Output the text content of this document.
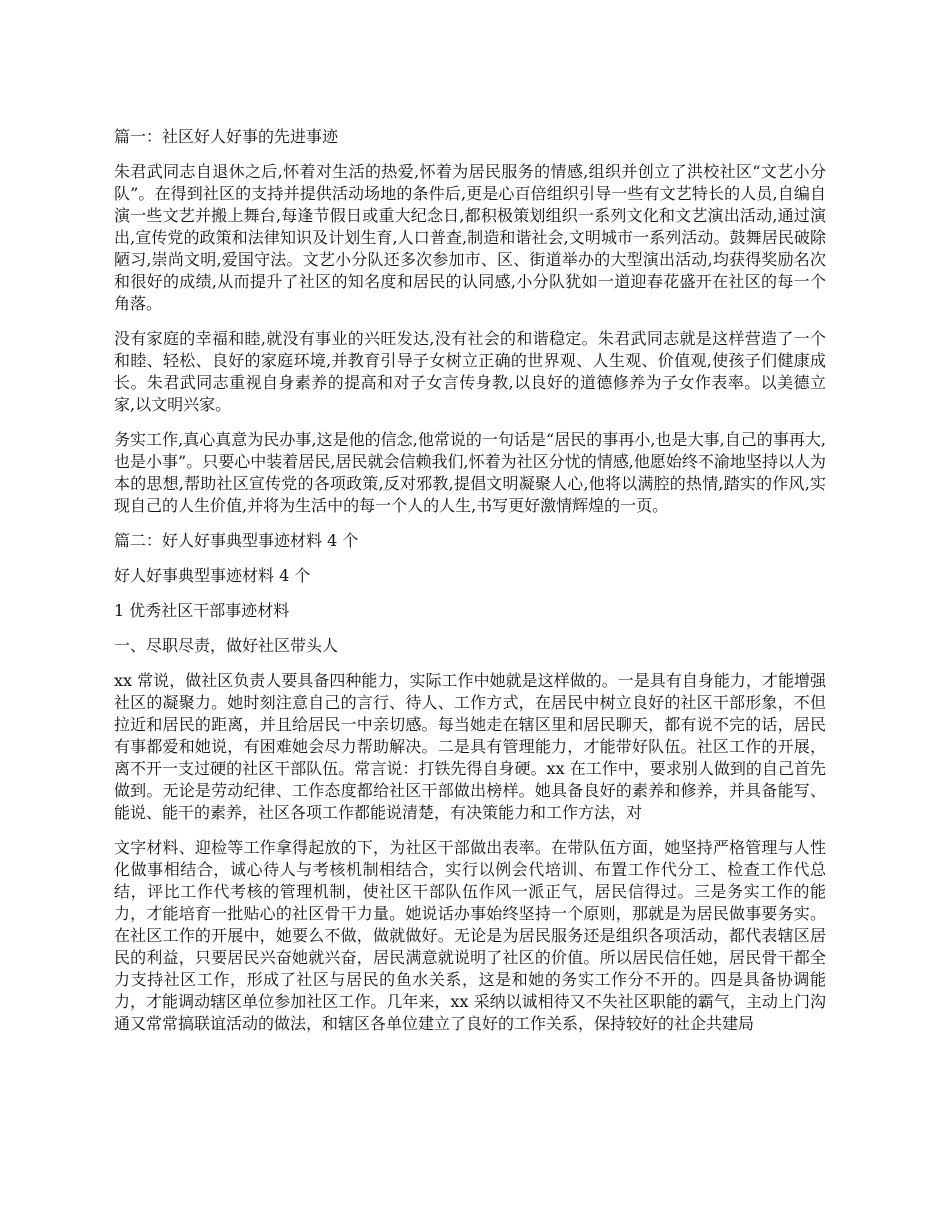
篇一：社区好人好事的先进事迹

朱君武同志自退休之后,怀着对生活的热爱,怀着为居民服务的情感,组织并创立了洪校社区“文艺小分队”。在得到社区的支持并提供活动场地的条件后,更是心百倍组织引导一些有文艺特长的人员,自编自演一些文艺并搬上舞台,每逢节假日或重大纪念日,都积极策划组织一系列文化和文艺演出活动,通过演出,宣传党的政策和法律知识及计划生育,人口普查,制造和谐社会,文明城市一系列活动。鼓舞居民破除陋习,崇尚文明,爱国守法。文艺小分队还多次参加市、区、街道举办的大型演出活动,均获得奖励名次和很好的成绩,从而提升了社区的知名度和居民的认同感,小分队犹如一道迎春花盛开在社区的每一个角落。

没有家庭的幸福和睦,就没有事业的兴旺发达,没有社会的和谐稳定。朱君武同志就是这样营造了一个和睦、轻松、良好的家庭环境,并教育引导子女树立正确的世界观、人生观、价值观,使孩子们健康成长。朱君武同志重视自身素养的提高和对子女言传身教,以良好的道德修养为子女作表率。以美德立家,以文明兴家。

务实工作,真心真意为民办事,这是他的信念,他常说的一句话是“居民的事再小,也是大事,自己的事再大,也是小事”。只要心中装着居民,居民就会信赖我们,怀着为社区分忧的情感,他愿始终不渝地坚持以人为本的思想,帮助社区宣传党的各项政策,反对邪教,提倡文明凝聚人心,他将以满腔的热情,踏实的作风,实现自己的人生价值,并将为生活中的每一个人的人生,书写更好激情辉煌的一页。

篇二：好人好事典型事迹材料 4 个

好人好事典型事迹材料 4 个

1 优秀社区干部事迹材料

一、尽职尽责，做好社区带头人

xx 常说，做社区负责人要具备四种能力，实际工作中她就是这样做的。一是具有自身能力，才能增强社区的凝聚力。她时刻注意自己的言行、待人、工作方式，在居民中树立良好的社区干部形象，不但拉近和居民的距离，并且给居民一中亲切感。每当她走在辖区里和居民聊天，都有说不完的话，居民有事都爱和她说，有困难她会尽力帮助解决。二是具有管理能力，才能带好队伍。社区工作的开展，离不开一支过硬的社区干部队伍。常言说：打铁先得自身硬。xx 在工作中，要求别人做到的自己首先做到。无论是劳动纪律、工作态度都给社区干部做出榜样。她具备良好的素养和修养，并具备能写、能说、能干的素养，社区各项工作都能说清楚，有决策能力和工作方法，对

文字材料、迎检等工作拿得起放的下，为社区干部做出表率。在带队伍方面，她坚持严格管理与人性化做事相结合，诚心待人与考核机制相结合，实行以例会代培训、布置工作代分工、检查工作代总结，评比工作代考核的管理机制，使社区干部队伍作风一派正气，居民信得过。三是务实工作的能力，才能培育一批贴心的社区骨干力量。她说话办事始终坚持一个原则，那就是为居民做事要务实。在社区工作的开展中，她要么不做，做就做好。无论是为居民服务还是组织各项活动，都代表辖区居民的利益，只要居民兴奋她就兴奋，居民满意就说明了社区的价值。所以居民信任她，居民骨干都全力支持社区工作，形成了社区与居民的鱼水关系，这是和她的务实工作分不开的。四是具备协调能力，才能调动辖区单位参加社区工作。几年来，xx 采纳以诚相待又不失社区职能的霸气，主动上门沟通又常常搞联谊活动的做法，和辖区各单位建立了良好的工作关系，保持较好的社企共建局
